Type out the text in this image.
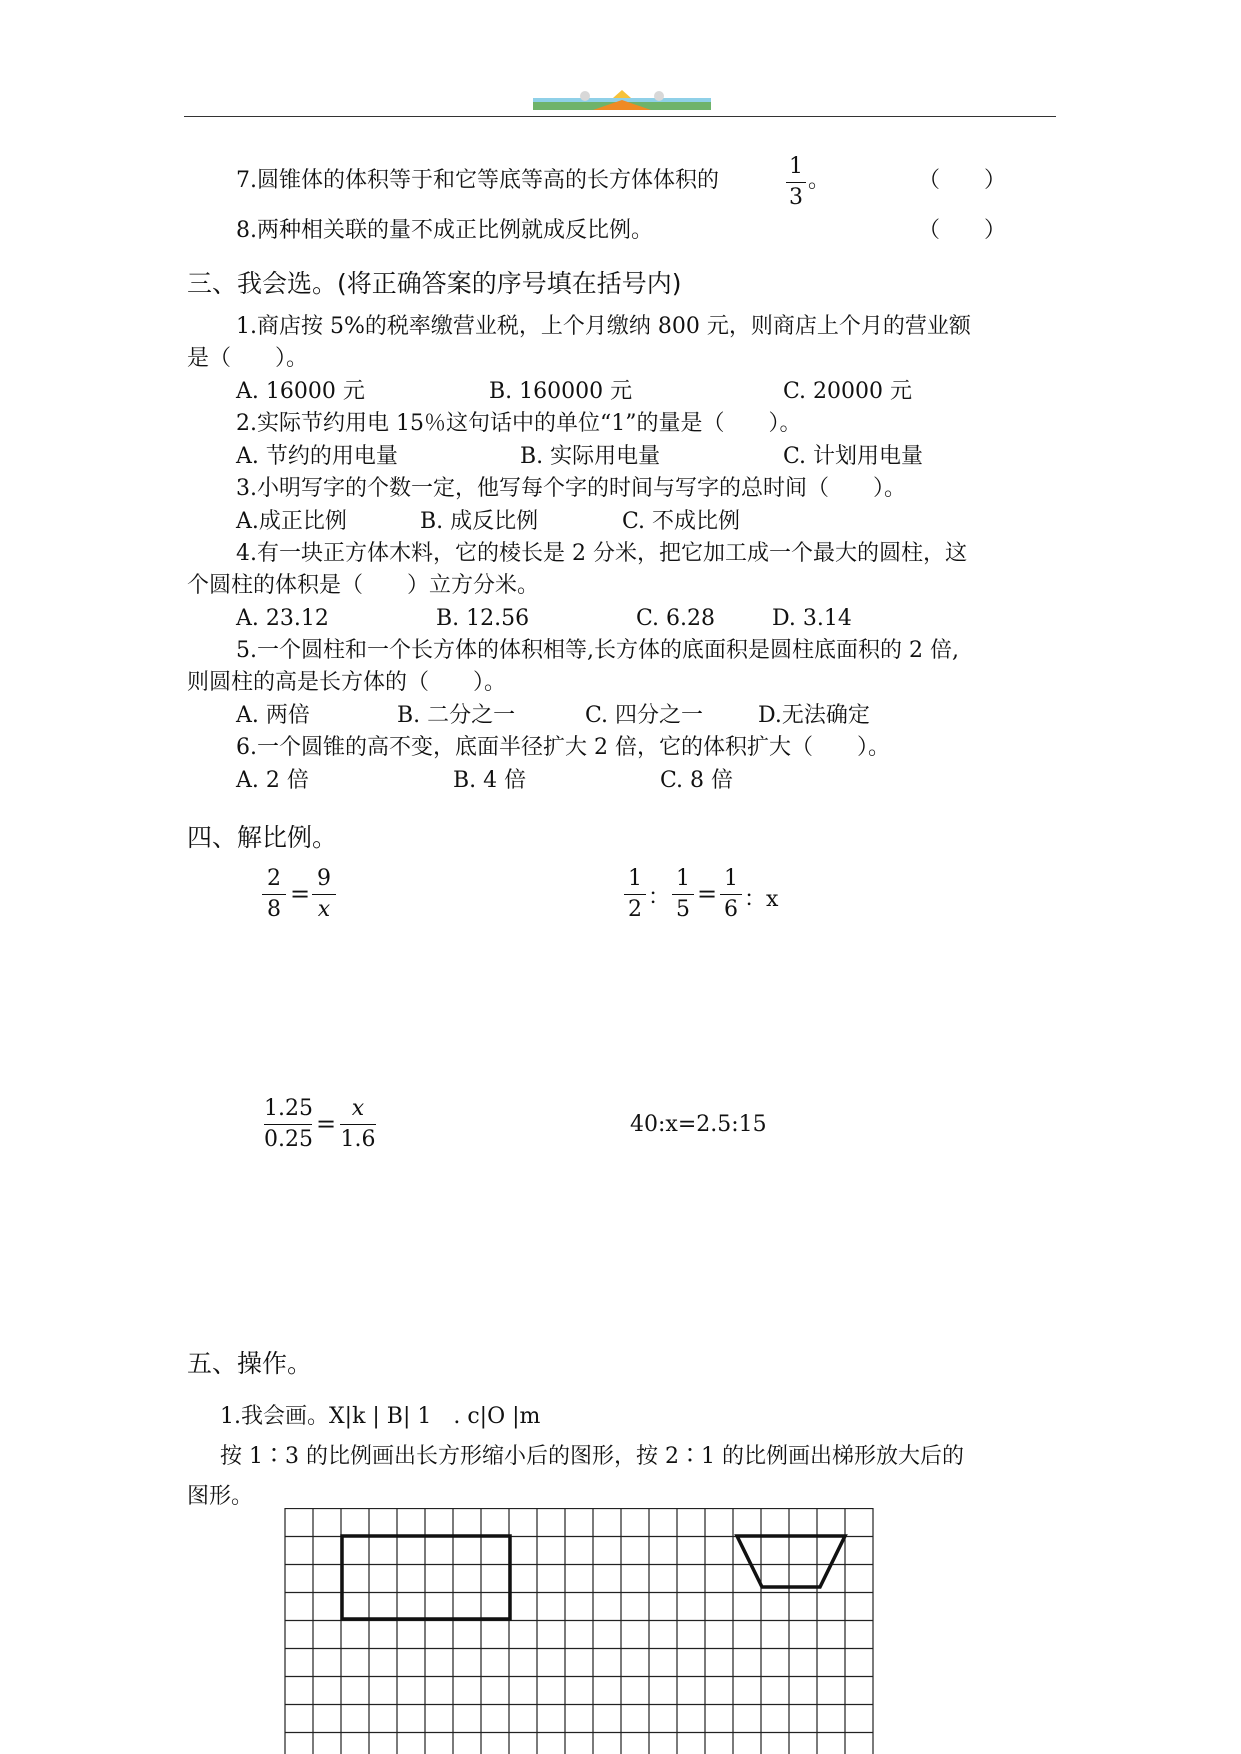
7.圆锥体的体积等于和它等底等高的长方体体积的
1
3
。	（　　）
8.两种相关联的量不成正比例就成反比例。	（　　）
三、我会选。(将正确答案的序号填在括号内)
1.商店按 5%的税率缴营业税，上个月缴纳 800 元，则商店上个月的营业额
是（　　）。
A. 16000 元	B. 160000 元	C. 20000 元
2.实际节约用电 15％这句话中的单位“1”的量是（　　）。
A. 节约的用电量	B. 实际用电量	C. 计划用电量
3.小明写字的个数一定，他写每个字的时间与写字的总时间（　　）。
A.成正比例	B. 成反比例	C. 不成比例
4.有一块正方体木料，它的棱长是 2 分米，把它加工成一个最大的圆柱，这
个圆柱的体积是（　　）立方分米。
A. 23.12	B. 12.56	C. 6.28	D. 3.14
5.一个圆柱和一个长方体的体积相等,长方体的底面积是圆柱底面积的 2 倍,
则圆柱的高是长方体的（　　）。
A. 两倍	B. 二分之一	C. 四分之一 D.无法确定
6.一个圆锥的高不变，底面半径扩大 2 倍，它的体积扩大（　　）。
A. 2 倍	B. 4 倍	C. 8 倍
四、解比例。
2
8
=
9
x
1
2 ：
1
5
=
1
6 ：x
1.25
0.25
=
x
1.6
40:x=2.5:15
五、操作。
1.我会画。X|k | B| 1　. c|O |m
按 1∶3 的比例画出长方形缩小后的图形，按 2∶1 的比例画出梯形放大后的
图形。
